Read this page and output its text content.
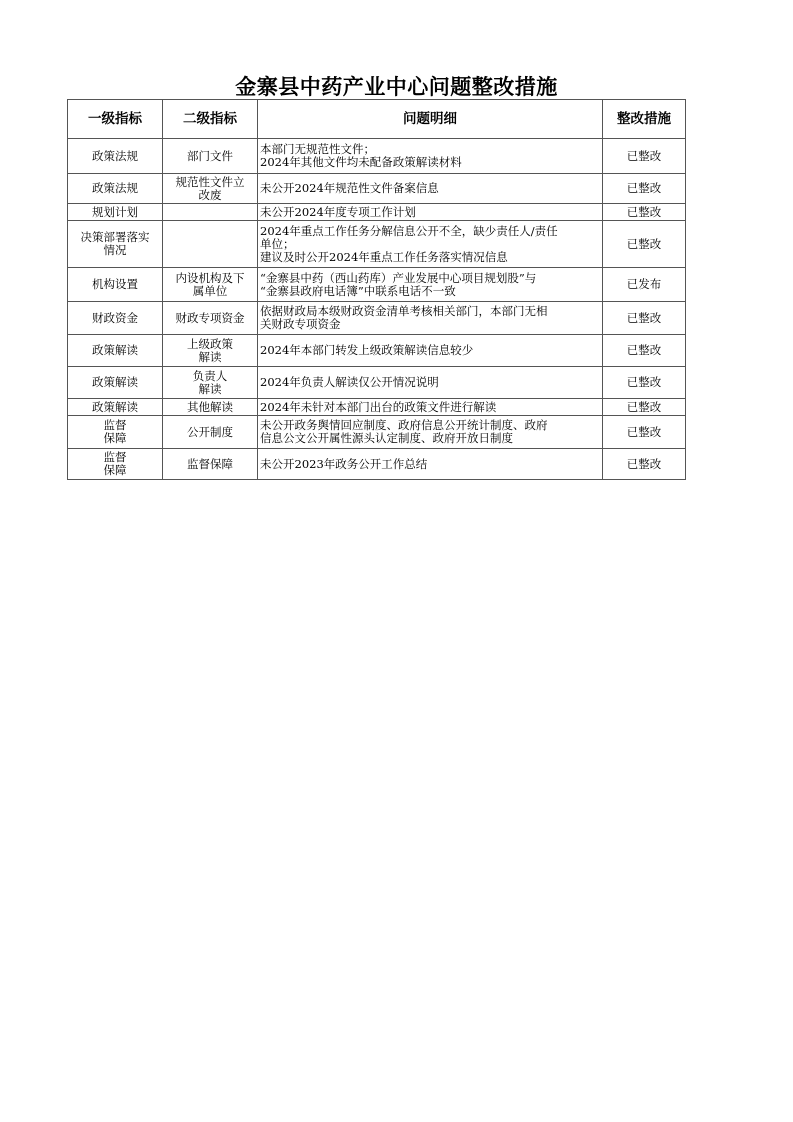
金寨县中药产业中心问题整改措施
一级指标	二级指标	问题明细	整改措施

政策法规	部门文件	本部门无规范性文件；
2024年其他文件均未配备政策解读材料	已整改

政策法规	规范性文件立
改废	未公开2024年规范性文件备案信息	已整改

规划计划		未公开2024年度专项工作计划	已整改

决策部署落实
情况		2024年重点工作任务分解信息公开不全，缺少责任人/责任
单位；
建议及时公开2024年重点工作任务落实情况信息	已整改

机构设置	内设机构及下
属单位	“金寨县中药（西山药库）产业发展中心项目规划股”与
“金寨县政府电话簿”中联系电话不一致	已发布

财政资金	财政专项资金	依据财政局本级财政资金清单考核相关部门，本部门无相
关财政专项资金	已整改

政策解读	上级政策
解读	2024年本部门转发上级政策解读信息较少	已整改

政策解读	负责人
解读	2024年负责人解读仅公开情况说明	已整改

政策解读	其他解读	2024年未针对本部门出台的政策文件进行解读	已整改

监督
保障	公开制度	未公开政务舆情回应制度、政府信息公开统计制度、政府
信息公文公开属性源头认定制度、政府开放日制度	已整改

监督
保障	监督保障	未公开2023年政务公开工作总结	已整改
